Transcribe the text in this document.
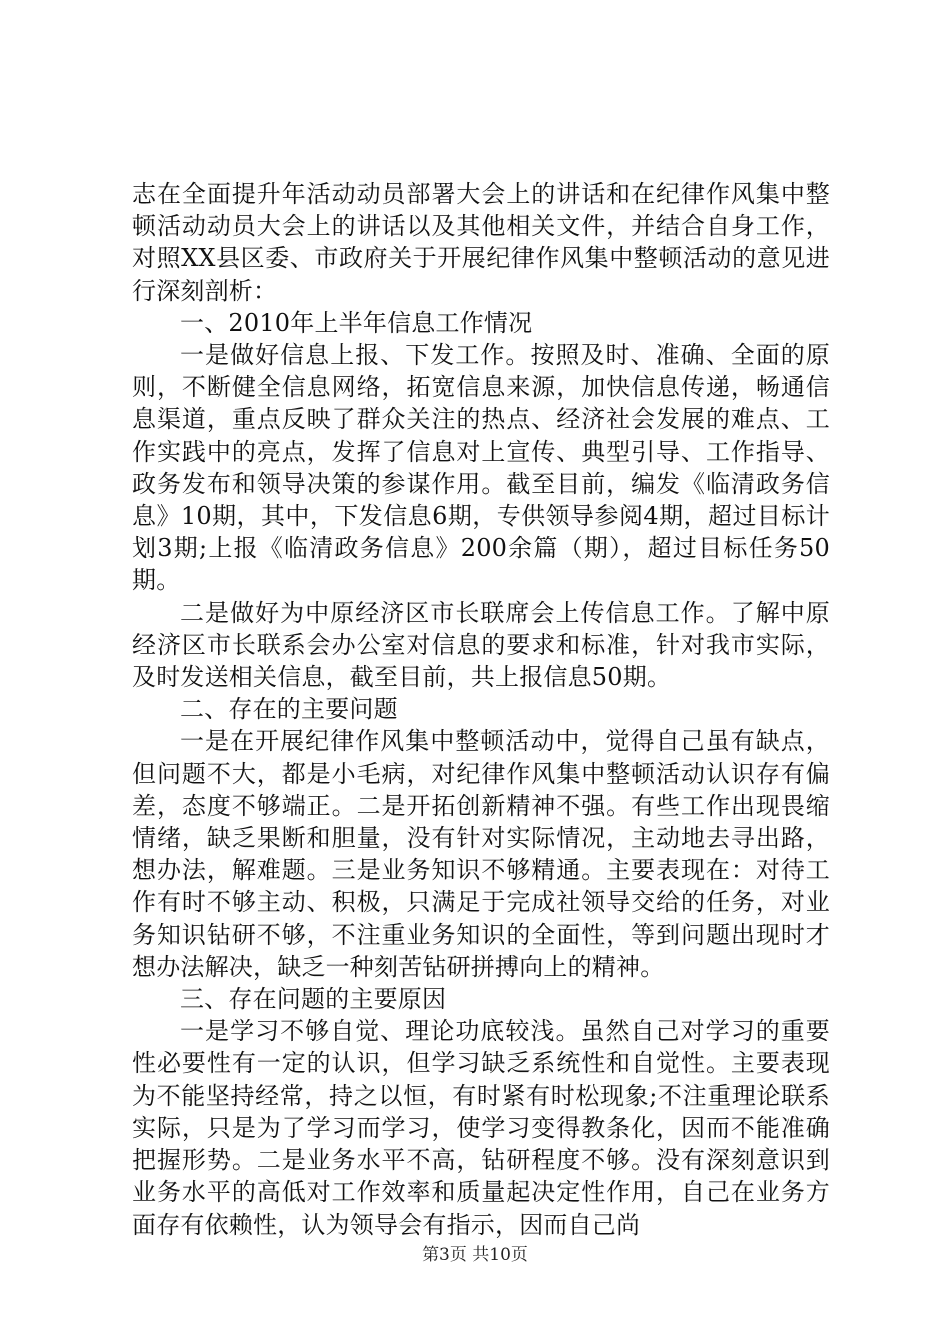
志在全面提升年活动动员部署大会上的讲话和在纪律作风集中整顿活动动员大会上的讲话以及其他相关文件，并结合自身工作，对照XX县区委、市政府关于开展纪律作风集中整顿活动的意见进行深刻剖析：

一、2010年上半年信息工作情况

一是做好信息上报、下发工作。按照及时、准确、全面的原则，不断健全信息网络，拓宽信息来源，加快信息传递，畅通信息渠道，重点反映了群众关注的热点、经济社会发展的难点、工作实践中的亮点，发挥了信息对上宣传、典型引导、工作指导、政务发布和领导决策的参谋作用。截至目前，编发《临清政务信息》10期，其中，下发信息6期，专供领导参阅4期，超过目标计划3期;上报《临清政务信息》200余篇（期），超过目标任务50期。

二是做好为中原经济区市长联席会上传信息工作。了解中原经济区市长联系会办公室对信息的要求和标准，针对我市实际，及时发送相关信息，截至目前，共上报信息50期。

二、存在的主要问题

一是在开展纪律作风集中整顿活动中，觉得自己虽有缺点，但问题不大，都是小毛病，对纪律作风集中整顿活动认识存有偏差，态度不够端正。二是开拓创新精神不强。有些工作出现畏缩情绪，缺乏果断和胆量，没有针对实际情况，主动地去寻出路，想办法，解难题。三是业务知识不够精通。主要表现在：对待工作有时不够主动、积极，只满足于完成社领导交给的任务，对业务知识钻研不够，不注重业务知识的全面性，等到问题出现时才想办法解决，缺乏一种刻苦钻研拼搏向上的精神。

三、存在问题的主要原因

一是学习不够自觉、理论功底较浅。虽然自己对学习的重要性必要性有一定的认识，但学习缺乏系统性和自觉性。主要表现为不能坚持经常，持之以恒，有时紧有时松现象;不注重理论联系实际，只是为了学习而学习，使学习变得教条化，因而不能准确把握形势。二是业务水平不高，钻研程度不够。没有深刻意识到业务水平的高低对工作效率和质量起决定性作用，自己在业务方面存有依赖性，认为领导会有指示，因而自己尚

第3页 共10页
